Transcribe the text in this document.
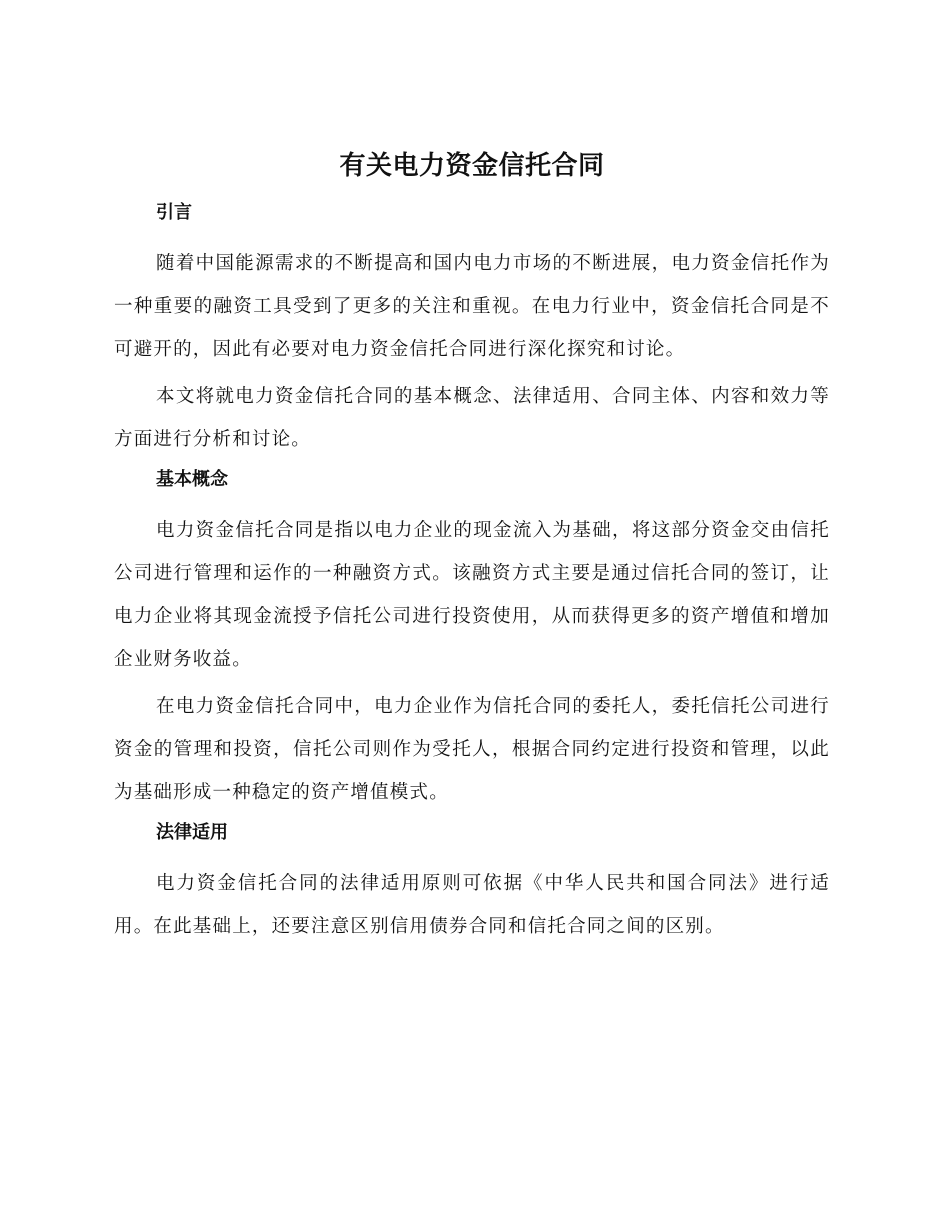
有关电力资金信托合同
引言

随着中国能源需求的不断提高和国内电力市场的不断进展，电力资金信托作为一种重要的融资工具受到了更多的关注和重视。在电力行业中，资金信托合同是不可避开的，因此有必要对电力资金信托合同进行深化探究和讨论。

本文将就电力资金信托合同的基本概念、法律适用、合同主体、内容和效力等方面进行分析和讨论。

基本概念

电力资金信托合同是指以电力企业的现金流入为基础，将这部分资金交由信托公司进行管理和运作的一种融资方式。该融资方式主要是通过信托合同的签订，让电力企业将其现金流授予信托公司进行投资使用，从而获得更多的资产增值和增加企业财务收益。

在电力资金信托合同中，电力企业作为信托合同的委托人，委托信托公司进行资金的管理和投资，信托公司则作为受托人，根据合同约定进行投资和管理，以此为基础形成一种稳定的资产增值模式。

法律适用

电力资金信托合同的法律适用原则可依据《中华人民共和国合同法》进行适用。在此基础上，还要注意区别信用债券合同和信托合同之间的区别。
